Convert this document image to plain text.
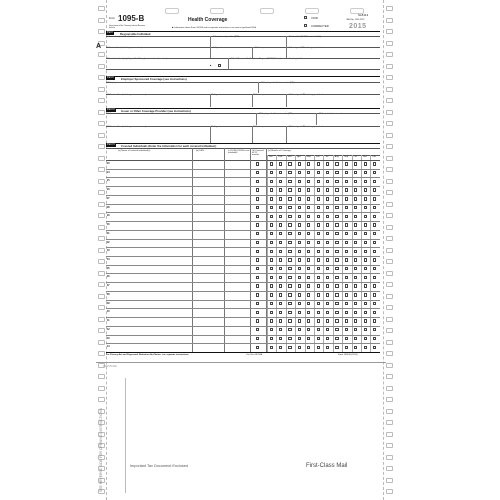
Form 1095-B
Department of the Treasury Internal Revenue Service
A
Health Coverage
▶ Information about Form 1095-B and its separate instructions is at www.irs.gov/form1095b
VOID
CORRECTED
SL8113
OMB No. 1545-2252
2015
Part I	Responsible Individual
1 Name of responsible individual	2 Social security number (SSN)	3 Date of birth (If SSN is not available)
4 Street address (including apartment no.)	5 City or town	6 State or province	7 Country and ZIP or foreign postal code
8 Enter letter identifying Origin of the Policy (see instructions for codes):	9 Small Business Health Options Program (SHOP) Marketplace identifier, if applicable
▶
Part II	Employer Sponsored Coverage (see instructions)
10 Employer name	11 Employer identification number (EIN)
12 Street address (including room or suite no.)	13 City or town	14 State or province	15 Country and ZIP or foreign postal code
Part III	Issuer or Other Coverage Provider (see instructions)
16 Name	17 Employer identification number (EIN)	18 Contact telephone number
19 Street address (including room or suite no.)	20 City or town	21 State or province	22 Country and ZIP or foreign postal code
Part IV	Covered Individuals (Enter the information for each covered individual.)
(a) Name of covered individual(s)	(b) SSN	(c) DOB (If SSN is not available)
(d) Covered all 12 months
(e) Months of Coverage
Jan	Feb	Mar	Apr	May Jun	Jul	Aug Sep	Oct	Nov	Dec
23
24
25
26
27
28
29
30
31
32
33
34
35
36
37
38
39
40
41
42
43
44
For Privacy Act and Paperwork Reduction Act Notice, see separate instructions.	Cat. No. 60704B	Form 1095-B (2015)
SEE REVERSE SIDE FOR OPENING INSTRUCTIONS
PRESSURE
Important Tax Document Enclosed	First-Class Mail
